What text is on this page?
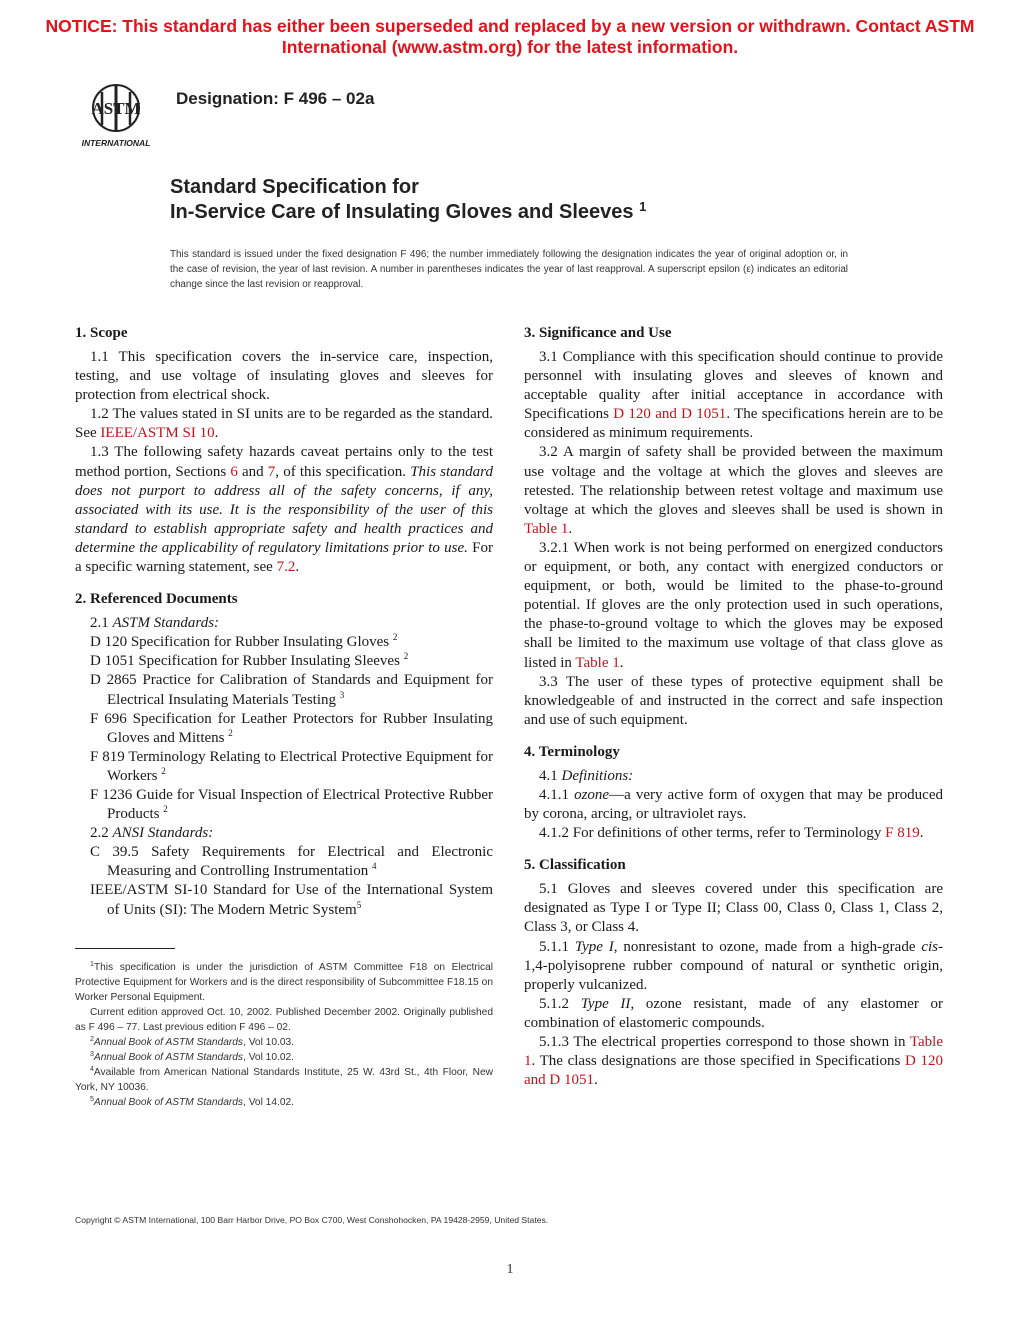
NOTICE: This standard has either been superseded and replaced by a new version or withdrawn. Contact ASTM
International (www.astm.org) for the latest information.
ASTM
INTERNATIONAL
Designation: F 496 – 02a
Standard Specification for
In-Service Care of Insulating Gloves and Sleeves $^1$
This standard is issued under the fixed designation F 496; the number immediately following the designation indicates the year of original adoption or, in the case of revision, the year of last revision. A number in parentheses indicates the year of last reapproval. A superscript epsilon (ε) indicates an editorial change since the last revision or reapproval.
1. Scope

1.1 This specification covers the in-service care, inspection, testing, and use voltage of insulating gloves and sleeves for protection from electrical shock.

1.2 The values stated in SI units are to be regarded as the standard. See IEEE/ASTM SI 10.

1.3 The following safety hazards caveat pertains only to the test method portion, Sections 6 and 7, of this specification. This standard does not purport to address all of the safety concerns, if any, associated with its use. It is the responsibility of the user of this standard to establish appropriate safety and health practices and determine the applicability of regulatory limitations prior to use. For a specific warning statement, see 7.2.

2. Referenced Documents

2.1 ASTM Standards:

D 120 Specification for Rubber Insulating Gloves $^2$

D 1051 Specification for Rubber Insulating Sleeves $^2$

D 2865 Practice for Calibration of Standards and Equipment for Electrical Insulating Materials Testing $^3$

F 696 Specification for Leather Protectors for Rubber Insulating Gloves and Mittens $^2$

F 819 Terminology Relating to Electrical Protective Equipment for Workers $^2$

F 1236 Guide for Visual Inspection of Electrical Protective Rubber Products $^2$

2.2 ANSI Standards:

C 39.5 Safety Requirements for Electrical and Electronic Measuring and Controlling Instrumentation $^4$

IEEE/ASTM SI-10 Standard for Use of the International System of Units (SI): The Modern Metric System$^5$

$^1$This specification is under the jurisdiction of ASTM Committee F18 on Electrical Protective Equipment for Workers and is the direct responsibility of Subcommittee F18.15 on Worker Personal Equipment.

Current edition approved Oct. 10, 2002. Published December 2002. Originally published as F 496 – 77. Last previous edition F 496 – 02.

$^2$Annual Book of ASTM Standards, Vol 10.03.

$^3$Annual Book of ASTM Standards, Vol 10.02.

$^4$Available from American National Standards Institute, 25 W. 43rd St., 4th Floor, New York, NY 10036.

$^5$Annual Book of ASTM Standards, Vol 14.02.

3. Significance and Use

3.1 Compliance with this specification should continue to provide personnel with insulating gloves and sleeves of known and acceptable quality after initial acceptance in accordance with Specifications D 120 and D 1051. The specifications herein are to be considered as minimum requirements.

3.2 A margin of safety shall be provided between the maximum use voltage and the voltage at which the gloves and sleeves are retested. The relationship between retest voltage and maximum use voltage at which the gloves and sleeves shall be used is shown in Table 1.

3.2.1 When work is not being performed on energized conductors or equipment, or both, any contact with energized conductors or equipment, or both, would be limited to the phase-to-ground potential. If gloves are the only protection used in such operations, the phase-to-ground voltage to which the gloves may be exposed shall be limited to the maximum use voltage of that class glove as listed in Table 1.

3.3 The user of these types of protective equipment shall be knowledgeable of and instructed in the correct and safe inspection and use of such equipment.

4. Terminology

4.1 Definitions:

4.1.1 ozone—a very active form of oxygen that may be produced by corona, arcing, or ultraviolet rays.

4.1.2 For definitions of other terms, refer to Terminology F 819.

5. Classification

5.1 Gloves and sleeves covered under this specification are designated as Type I or Type II; Class 00, Class 0, Class 1, Class 2, Class 3, or Class 4.

5.1.1 Type I, nonresistant to ozone, made from a high-grade cis-1,4-polyisoprene rubber compound of natural or synthetic origin, properly vulcanized.

5.1.2 Type II, ozone resistant, made of any elastomer or combination of elastomeric compounds.

5.1.3 The electrical properties correspond to those shown in Table 1. The class designations are those specified in Specifications D 120 and D 1051.

Copyright © ASTM International, 100 Barr Harbor Drive, PO Box C700, West Conshohocken, PA 19428-2959, United States.
1
